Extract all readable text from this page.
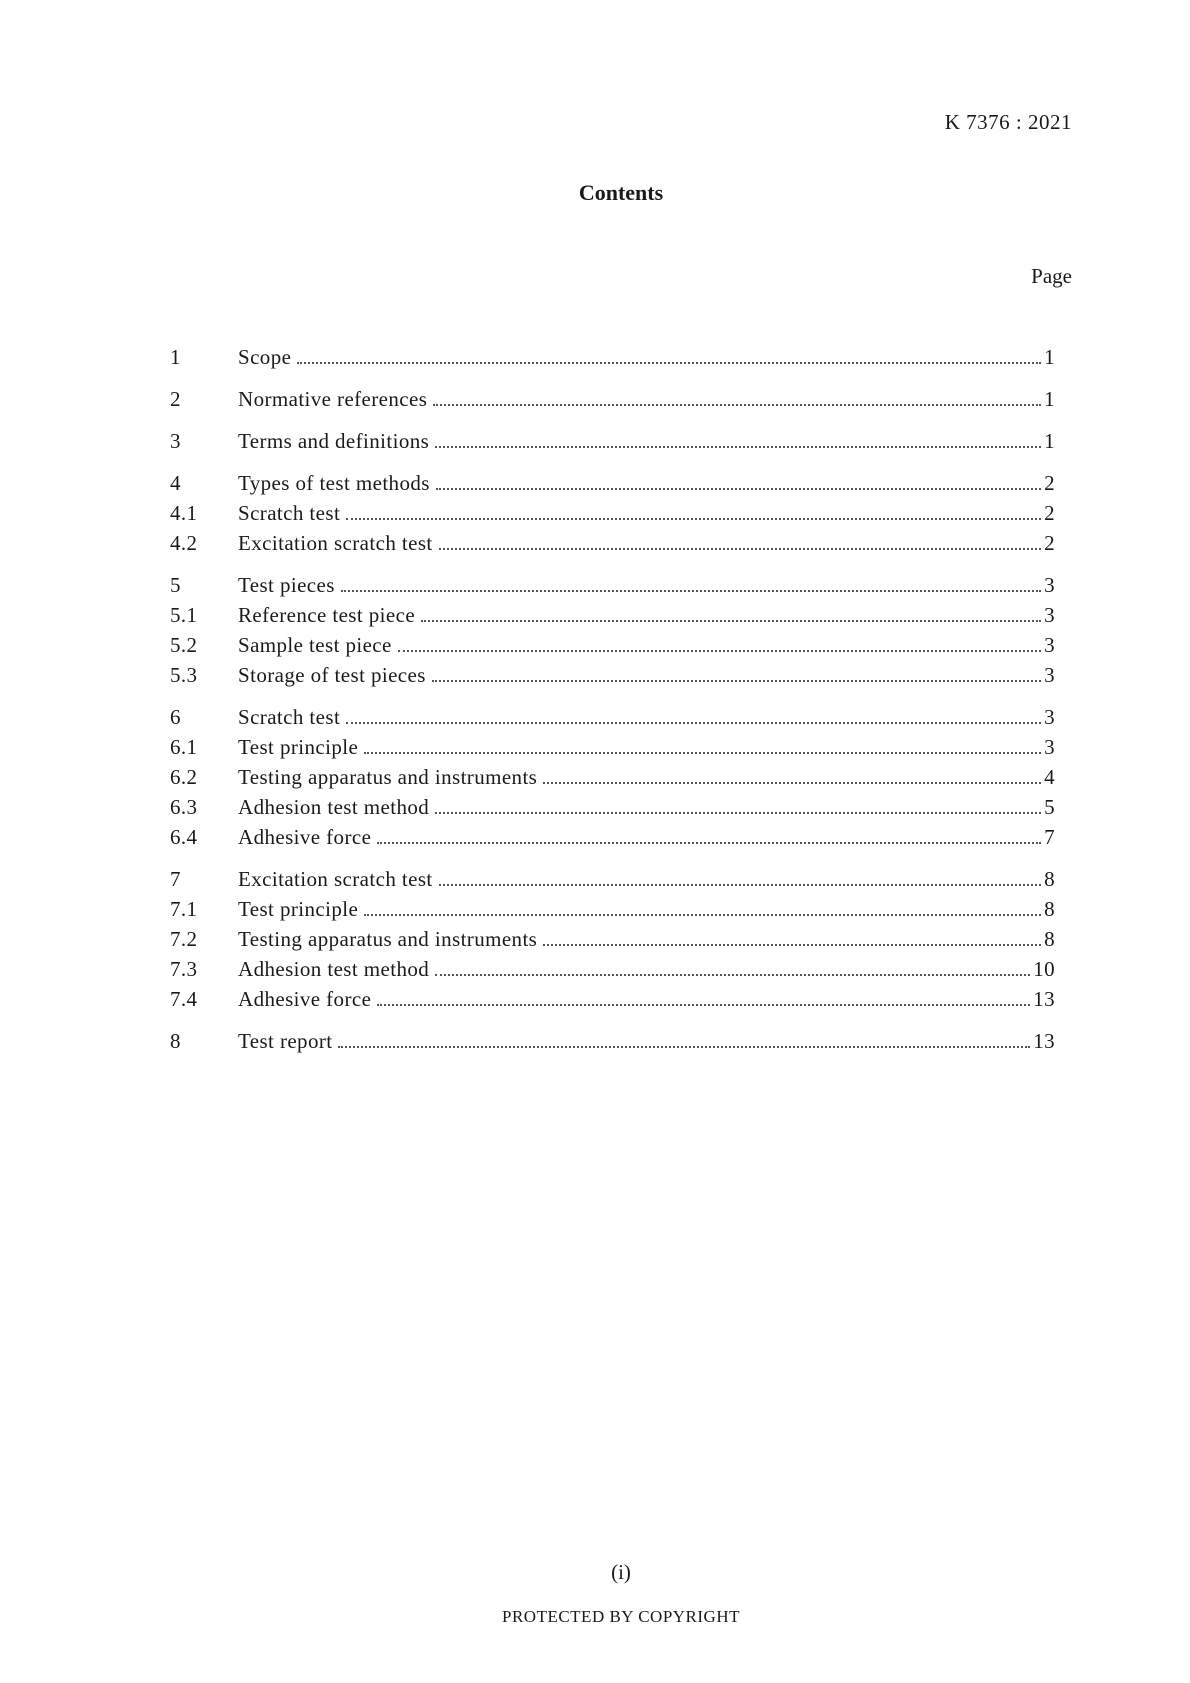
K 7376 : 2021
Contents
Page
1	Scope	1
2	Normative references	1
3	Terms and definitions	1
4	Types of test methods	2
4.1	Scratch test	2
4.2	Excitation scratch test	2
5	Test pieces	3
5.1	Reference test piece	3
5.2	Sample test piece	3
5.3	Storage of test pieces	3
6	Scratch test	3
6.1	Test principle	3
6.2	Testing apparatus and instruments	4
6.3	Adhesion test method	5
6.4	Adhesive force	7
7	Excitation scratch test	8
7.1	Test principle	8
7.2	Testing apparatus and instruments	8
7.3	Adhesion test method	10
7.4	Adhesive force	13
8	Test report	13
(i)
PROTECTED BY COPYRIGHT
